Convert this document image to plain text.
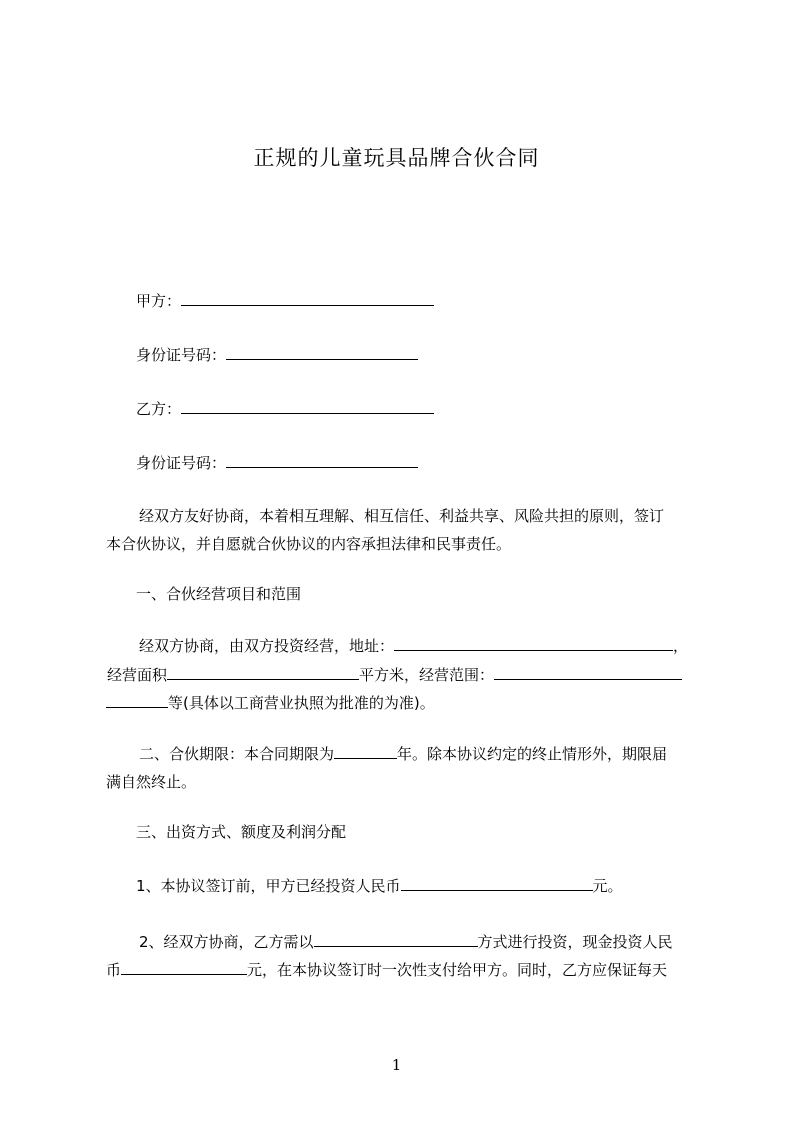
正规的儿童玩具品牌合伙合同
甲方：
身份证号码：
乙方：
身份证号码：
经双方友好协商，本着相互理解、相互信任、利益共享、风险共担的原则，签订
本合伙协议，并自愿就合伙协议的内容承担法律和民事责任。
一、合伙经营项目和范围
经双方协商，由双方投资经营，地址：	，
经营面积	平方米，经营范围：
等(具体以工商营业执照为批准的为准)。
二、合伙期限：本合同期限为	年。除本协议约定的终止情形外，期限届
满自然终止。
三、出资方式、额度及利润分配
1、本协议签订前，甲方已经投资人民币	元。
2、经双方协商，乙方需以	方式进行投资，现金投资人民
币	元，在本协议签订时一次性支付给甲方。同时，乙方应保证每天
1
